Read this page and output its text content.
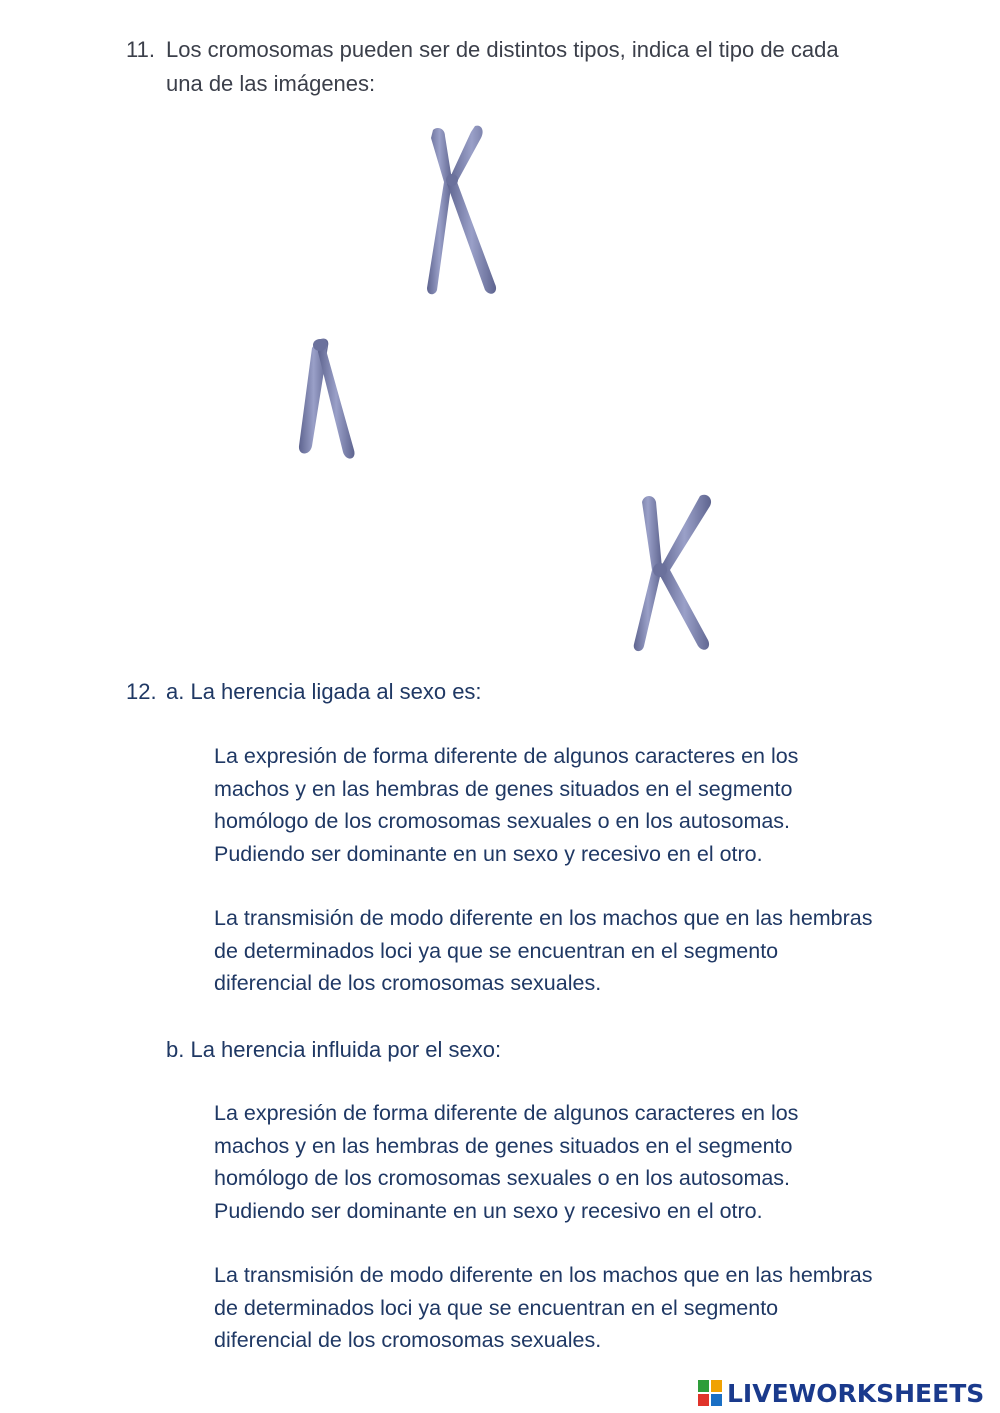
11. Los cromosomas pueden ser de distintos tipos, indica el tipo de cada

una de las imágenes:

12. a. La herencia ligada al sexo es:

La expresión de forma diferente de algunos caracteres en los machos y en las hembras de genes situados en el segmento homólogo de los cromosomas sexuales o en los autosomas. Pudiendo ser dominante en un sexo y recesivo en el otro.

La transmisión de modo diferente en los machos que en las hembras de determinados loci ya que se encuentran en el segmento diferencial de los cromosomas sexuales.

b. La herencia influida por el sexo:

La expresión de forma diferente de algunos caracteres en los machos y en las hembras de genes situados en el segmento homólogo de los cromosomas sexuales o en los autosomas. Pudiendo ser dominante en un sexo y recesivo en el otro.

La transmisión de modo diferente en los machos que en las hembras de determinados loci ya que se encuentran en el segmento diferencial de los cromosomas sexuales.

LIVEWORKSHEETS
